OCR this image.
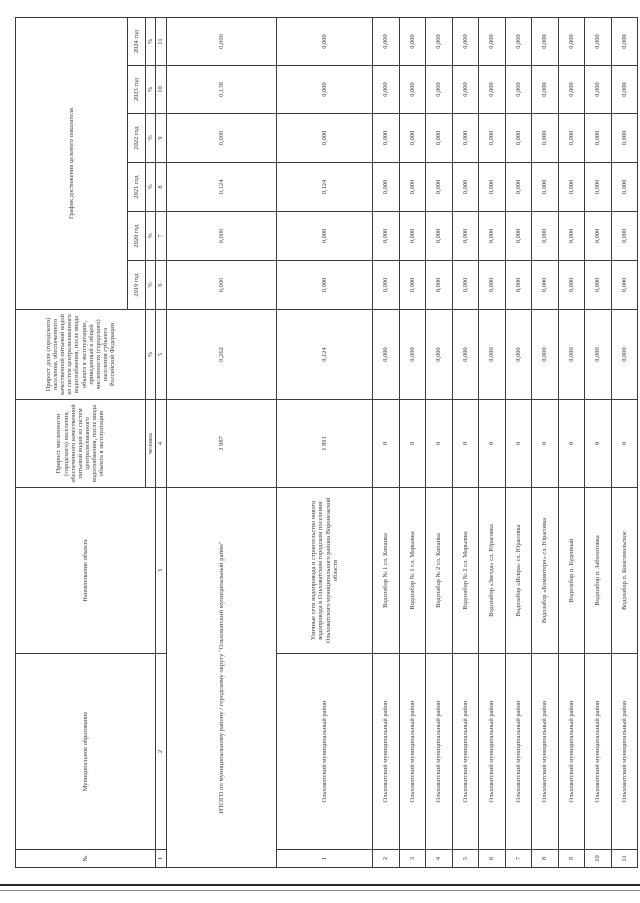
№	Муниципальное образование	Наименование объекта	Прирост численности (городского) населения, обеспеченного качественной питьевой водой из систем централизованного водоснабжения, после ввода объекта в эксплуатацию	Прирост доли (городского) населения, обеспеченного качественной питьевой водой из систем централизованного водоснабжения, после ввода объекта в эксплуатацию, приведенный к общей численности (городского) населения субъекта Российской Федерации	График достижения целевого показателя					
					2019 год	2020 год	2021 год	2022 год	2023 год	2024 год
			человек	%	%	%	%	%	%	%
1	2	3	4	5	6	7	8	9	10	11
ИТОГО по муниципальному району / городскому округу "Ольховатский муниципальный район"			3 987	0,262	0,000	0,000	0,124	0,000	0,138	0,000
1	Ольховатский муниципальный район	Уличные сети водопровода и строительство нового водопровода в Ольховатском городском поселении Ольховатского муниципального района Воронежской области	1 891	0,124	0,000	0,000	0,124	0,000	0,000	0,000
2	Ольховатский муниципальный район	Водозабор № 1 сл. Копанка	0	0,000	0,000	0,000	0,000	0,000	0,000	0,000
3	Ольховатский муниципальный район	Водозабор № 1 сл. Марьевка	0	0,000	0,000	0,000	0,000	0,000	0,000	0,000
4	Ольховатский муниципальный район	Водозабор № 2 сл. Копанка	0	0,000	0,000	0,000	0,000	0,000	0,000	0,000
5	Ольховатский муниципальный район	Водозабор № 2 сл. Марьевка	0	0,000	0,000	0,000	0,000	0,000	0,000	0,000
6	Ольховатский муниципальный район	Водозабор «Звезда» сл. Юрасовка	0	0,000	0,000	0,000	0,000	0,000	0,000	0,000
7	Ольховатский муниципальный район	Водозабор «Искра» сл. Юрасовка	0	0,000	0,000	0,000	0,000	0,000	0,000	0,000
8	Ольховатский муниципальный район	Водозабор «Коминтерн» сл. Юрасовка	0	0,000	0,000	0,000	0,000	0,000	0,000	0,000
9	Ольховатский муниципальный район	Водозабор п. Буденный	0	0,000	0,000	0,000	0,000	0,000	0,000	0,000
10	Ольховатский муниципальный район	Водозабор п. Заболотовка	0	0,000	0,000	0,000	0,000	0,000	0,000	0,000
11	Ольховатский муниципальный район	Водозабор п. Комсомольское	0	0,000	0,000	0,000	0,000	0,000	0,000	0,000
